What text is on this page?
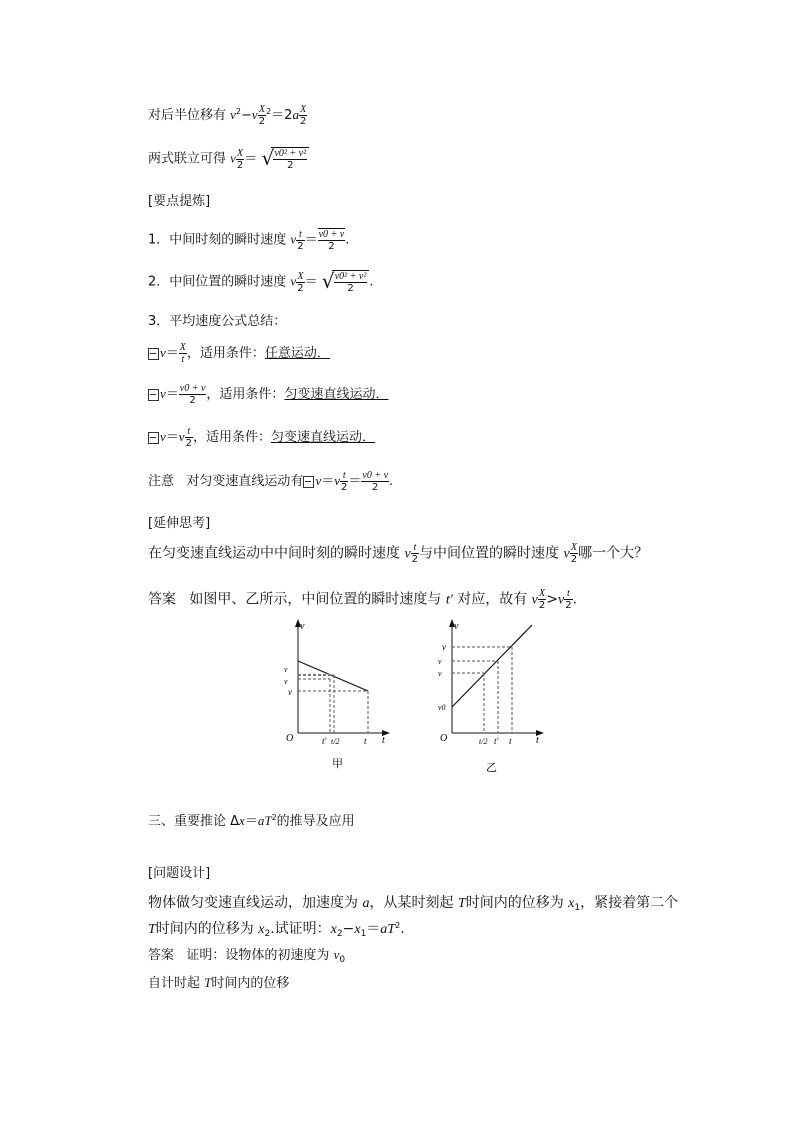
对后半位移有 $v^2-v \frac{X}{2} ^2=2a \frac{X}{2}$
两式联立可得 v $\frac{X}{2}$ ＝ √ $\frac{\text{v0² + v²}}{2}$
[要点提炼]
1．中间时刻的瞬时速度 v $\frac{t}{2} = \frac{v0 + v}{2}$ .
2．中间位置的瞬时速度 v $\frac{X}{2}$ ＝ √ $\frac{\text{v0² + v²}}{2}$ .
3．平均速度公式总结：
$v= \frac{X}{t}$ ，适用条件：任意运动．
$v= \frac{v0 + v}{2}$ ，适用条件：匀变速直线运动．
$v=v \frac{t}{2}$ ，适用条件：匀变速直线运动．
注意 对匀变速直线运动有 $v=v \frac{t}{2} = \frac{v0 + v}{2}$ .
[延伸思考]
在匀变速直线运动中中间时刻的瞬时速度 v $\frac{t}{2}$ 与中间位置的瞬时速度 v $\frac{X}{2}$ 哪一个大？
答案 如图甲、乙所示，中间位置的瞬时速度与 t′ 对应，故有 v $\frac{X}{2} >v \frac{t}{2}$ .
v
t
O
v
v
v
t′ t/2	t
甲
v
t
O
v
v
v
v0
t/2 t′ t
乙
三、重要推论 $\Delta x=aT^2$的推导及应用
[问题设计]
物体做匀变速直线运动，加速度为 a，从某时刻起 T时间内的位移为 $x_1$，紧接着第二个
T时间内的位移为 $x_2$.试证明：$x_2-x_1=aT^2$.
答案 证明：设物体的初速度为 $v_0$
自计时起 T时间内的位移
